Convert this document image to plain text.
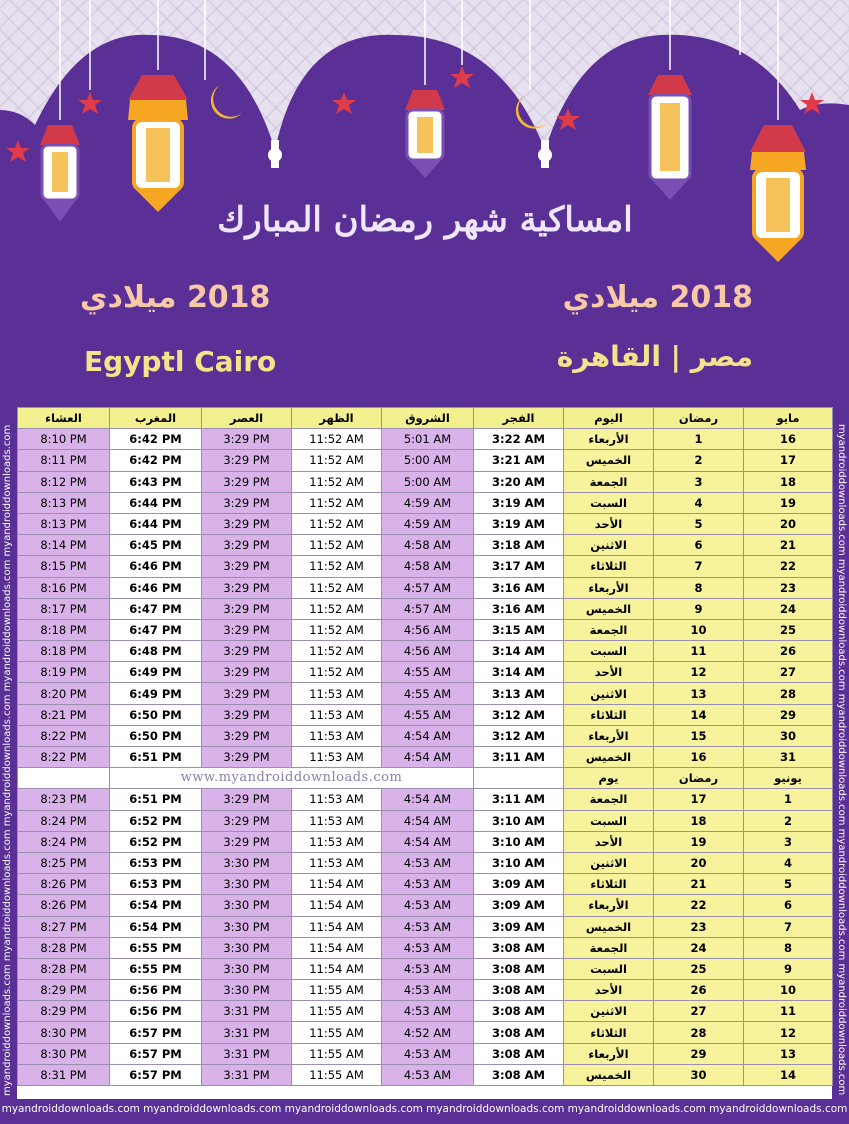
امساكية شهر رمضان المبارك
2018 ميلادي	2018 ميلادي
Egyptl Cairo	مصر | القاهرة
myandroiddownloads.com myandroiddownloads.com myandroiddownloads.com myandroiddownloads.com myandroiddownloads.com	myandroiddownloads.com myandroiddownloads.com myandroiddownloads.com myandroiddownloads.com myandroiddownloads.com
العشاء	المغرب	العصر	الظهر	الشروق	الفجر	اليوم	رمضان	مايو
8:10 PM	6:42 PM	3:29 PM	11:52 AM	5:01 AM	3:22 AM	الأربعاء	1	16
8:11 PM	6:42 PM	3:29 PM	11:52 AM	5:00 AM	3:21 AM	الخميس	2	17
8:12 PM	6:43 PM	3:29 PM	11:52 AM	5:00 AM	3:20 AM	الجمعة	3	18
8:13 PM	6:44 PM	3:29 PM	11:52 AM	4:59 AM	3:19 AM	السبت	4	19
8:13 PM	6:44 PM	3:29 PM	11:52 AM	4:59 AM	3:19 AM	الأحد	5	20
8:14 PM	6:45 PM	3:29 PM	11:52 AM	4:58 AM	3:18 AM	الاثنين	6	21
8:15 PM	6:46 PM	3:29 PM	11:52 AM	4:58 AM	3:17 AM	الثلاثاء	7	22
8:16 PM	6:46 PM	3:29 PM	11:52 AM	4:57 AM	3:16 AM	الأربعاء	8	23
8:17 PM	6:47 PM	3:29 PM	11:52 AM	4:57 AM	3:16 AM	الخميس	9	24
8:18 PM	6:47 PM	3:29 PM	11:52 AM	4:56 AM	3:15 AM	الجمعة	10	25
8:18 PM	6:48 PM	3:29 PM	11:52 AM	4:56 AM	3:14 AM	السبت	11	26
8:19 PM	6:49 PM	3:29 PM	11:52 AM	4:55 AM	3:14 AM	الأحد	12	27
8:20 PM	6:49 PM	3:29 PM	11:53 AM	4:55 AM	3:13 AM	الاثنين	13	28
8:21 PM	6:50 PM	3:29 PM	11:53 AM	4:55 AM	3:12 AM	الثلاثاء	14	29
8:22 PM	6:50 PM	3:29 PM	11:53 AM	4:54 AM	3:12 AM	الأربعاء	15	30
8:22 PM	6:51 PM	3:29 PM	11:53 AM	4:54 AM	3:11 AM	الخميس	16	31
	www.myandroiddownloads.com					يوم	رمضان	يونيو
8:23 PM	6:51 PM	3:29 PM	11:53 AM	4:54 AM	3:11 AM	الجمعة	17	1
8:24 PM	6:52 PM	3:29 PM	11:53 AM	4:54 AM	3:10 AM	السبت	18	2
8:24 PM	6:52 PM	3:29 PM	11:53 AM	4:54 AM	3:10 AM	الأحد	19	3
8:25 PM	6:53 PM	3:30 PM	11:53 AM	4:53 AM	3:10 AM	الاثنين	20	4
8:26 PM	6:53 PM	3:30 PM	11:54 AM	4:53 AM	3:09 AM	الثلاثاء	21	5
8:26 PM	6:54 PM	3:30 PM	11:54 AM	4:53 AM	3:09 AM	الأربعاء	22	6
8:27 PM	6:54 PM	3:30 PM	11:54 AM	4:53 AM	3:09 AM	الخميس	23	7
8:28 PM	6:55 PM	3:30 PM	11:54 AM	4:53 AM	3:08 AM	الجمعة	24	8
8:28 PM	6:55 PM	3:30 PM	11:54 AM	4:53 AM	3:08 AM	السبت	25	9
8:29 PM	6:56 PM	3:30 PM	11:55 AM	4:53 AM	3:08 AM	الأحد	26	10
8:29 PM	6:56 PM	3:31 PM	11:55 AM	4:53 AM	3:08 AM	الاثنين	27	11
8:30 PM	6:57 PM	3:31 PM	11:55 AM	4:52 AM	3:08 AM	الثلاثاء	28	12
8:30 PM	6:57 PM	3:31 PM	11:55 AM	4:53 AM	3:08 AM	الأربعاء	29	13
8:31 PM	6:57 PM	3:31 PM	11:55 AM	4:53 AM	3:08 AM	الخميس	30	14
myandroiddownloads.com myandroiddownloads.com myandroiddownloads.com myandroiddownloads.com myandroiddownloads.com myandroiddownloads.com
